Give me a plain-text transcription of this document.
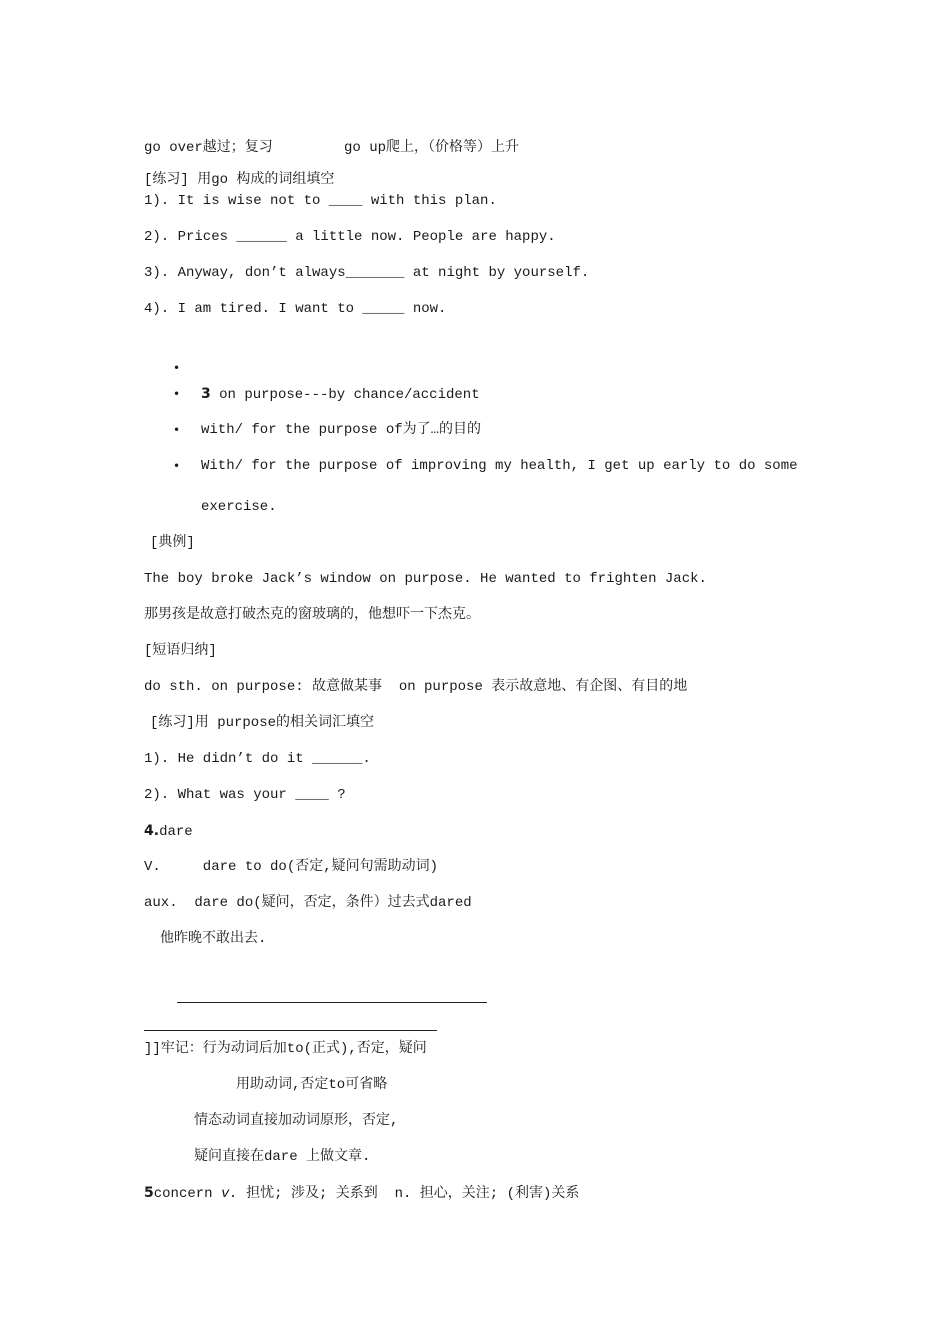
go over越过；复习	go up爬上，（价格等）上升
[练习] 用go 构成的词组填空
1). It is wise not to ____ with this plan.
2). Prices ______ a little now. People are happy.
3). Anyway, don’t always_______ at night by yourself.
4). I am tired. I want to _____ now.
•
• 3 on purpose---by chance/accident
• with/ for the purpose of为了…的目的
• With/ for the purpose of improving my health, I get up early to do some
exercise.
[典例]
The boy broke Jack’s window on purpose. He wanted to frighten Jack.
那男孩是故意打破杰克的窗玻璃的，他想吓一下杰克。
[短语归纳]
do sth. on purpose: 故意做某事  on purpose 表示故意地、有企图、有目的地
[练习]用 purpose的相关词汇填空
1). He didn’t do it ______.
2). What was your ____ ?
4.dare
V.     dare to do(否定,疑问句需助动词)
aux.  dare do(疑问，否定，条件）过去式dared
他昨晚不敢出去.
]]牢记：行为动词后加to(正式),否定，疑问
用助动词,否定to可省略
情态动词直接加动词原形，否定,
疑问直接在dare 上做文章.
5concern v. 担忧; 涉及; 关系到  n. 担心，关注; (利害)关系
